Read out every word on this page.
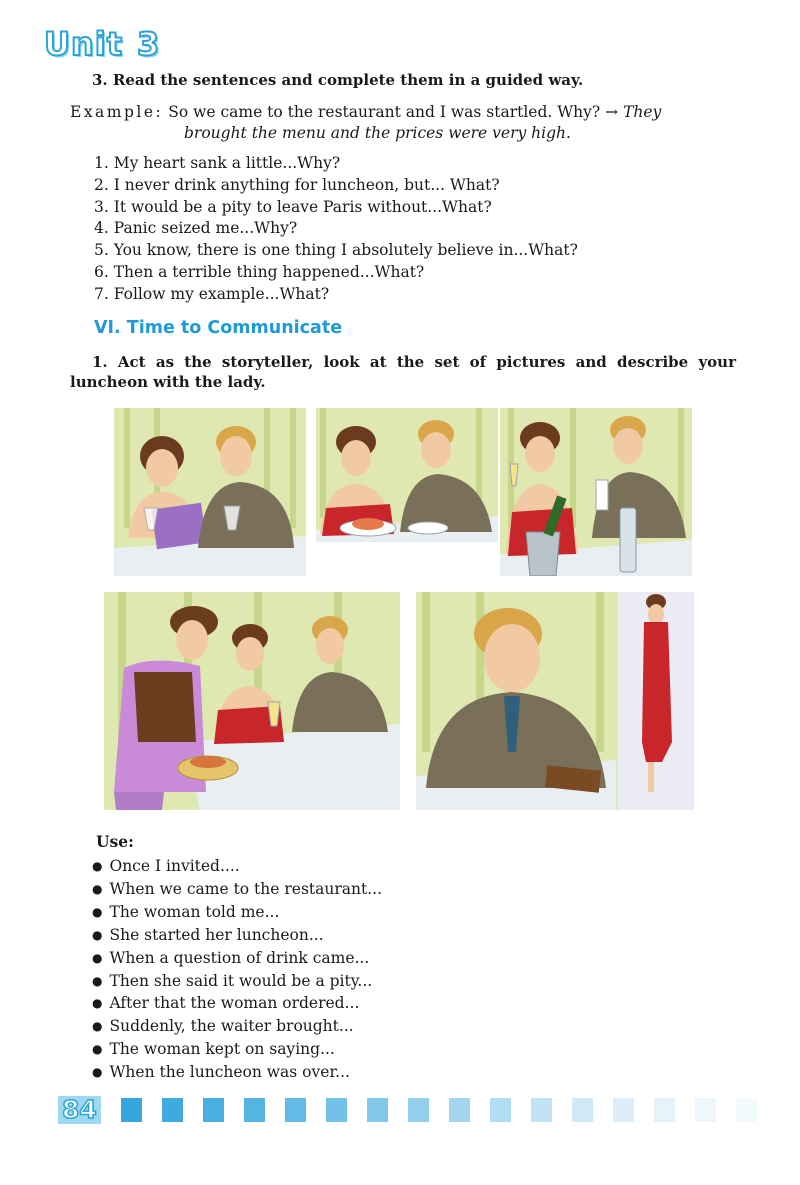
Unit 3
3. Read the sentences and complete them in a guided way.
Example: So we came to the restaurant and I was startled. Why? → They
brought the menu and the prices were very high.
1. My heart sank a little...Why?
2. I never drink anything for luncheon, but... What?
3. It would be a pity to leave Paris without...What?
4. Panic seized me...Why?
5. You know, there is one thing I absolutely believe in...What?
6. Then a terrible thing happened...What?
7. Follow my example...What?
VI. Time to Communicate
1. Act as the storyteller, look at the set of pictures and describe your luncheon with the lady.
Use:
● Once I invited....
● When we came to the restaurant...
● The woman told me...
● She started her luncheon...
● When a question of drink came...
● Then she said it would be a pity...
● After that the woman ordered...
● Suddenly, the waiter brought...
● The woman kept on saying...
● When the luncheon was over...
84
